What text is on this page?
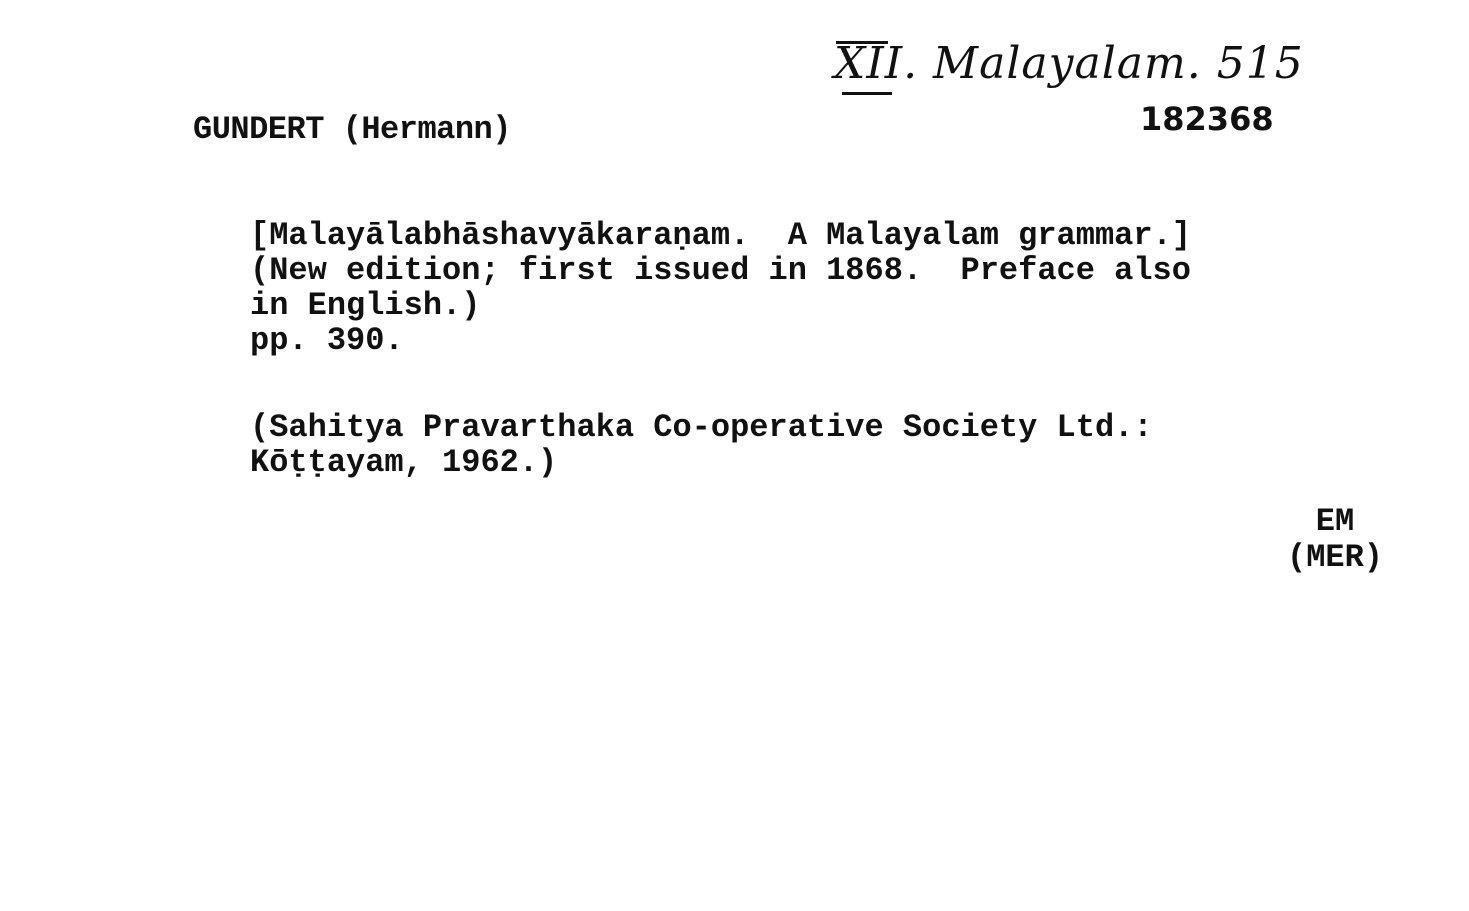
XII. Malayalam. 515
182368
GUNDERT (Hermann)
[Malayālabhāshavyākaraṇam.  A Malayalam grammar.]
(New edition; first issued in 1868.  Preface also
in English.)
pp. 390.
(Sahitya Pravarthaka Co-operative Society Ltd.:
Kōṭṭayam, 1962.)
EM
(MER)
